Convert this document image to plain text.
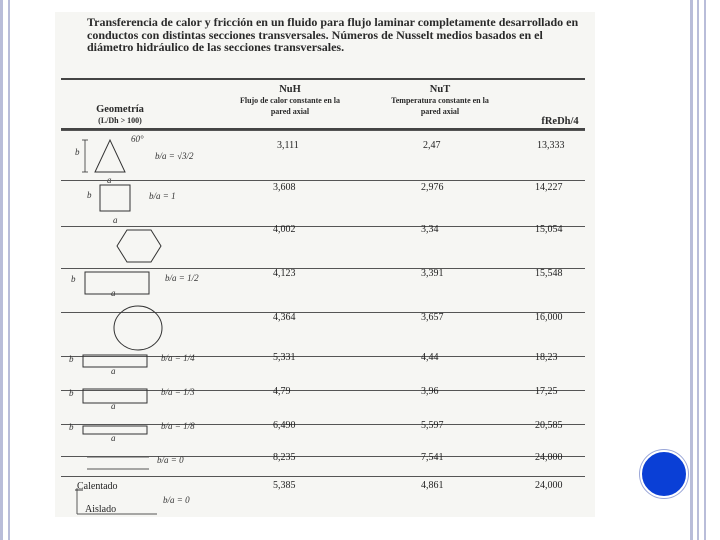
Transferencia de calor y fricción en un fluido para flujo laminar completamente desarrollado en conductos con distintas secciones transversales. Números de Nusselt medios basados en el diámetro hidráulico de las secciones transversales.
Geometría
(L/Dh > 100)
NuH
Flujo de calor constante en la pared axial
NuT
Temperatura constante en la pared axial
fReDh/4
b
a
60°
b/a = √3/2
3,111	2,47	13,333
b
a
b/a = 1
3,608	2,976	14,227
4,002	3,34	15,054
b
a
b/a = 1/2	4,123	3,391	15,548
4,364	3,657	16,000
b
a
b/a = 1/4	5,331	4,44	18,23
b
a
b/a = 1/3	4,79	3,96	17,25
b
a
b/a = 1/8	6,490	5,597	20,585
b/a = 0	8,235	7,541	24,000
Calentado
Aislado
b/a = 0
5,385	4,861	24,000
